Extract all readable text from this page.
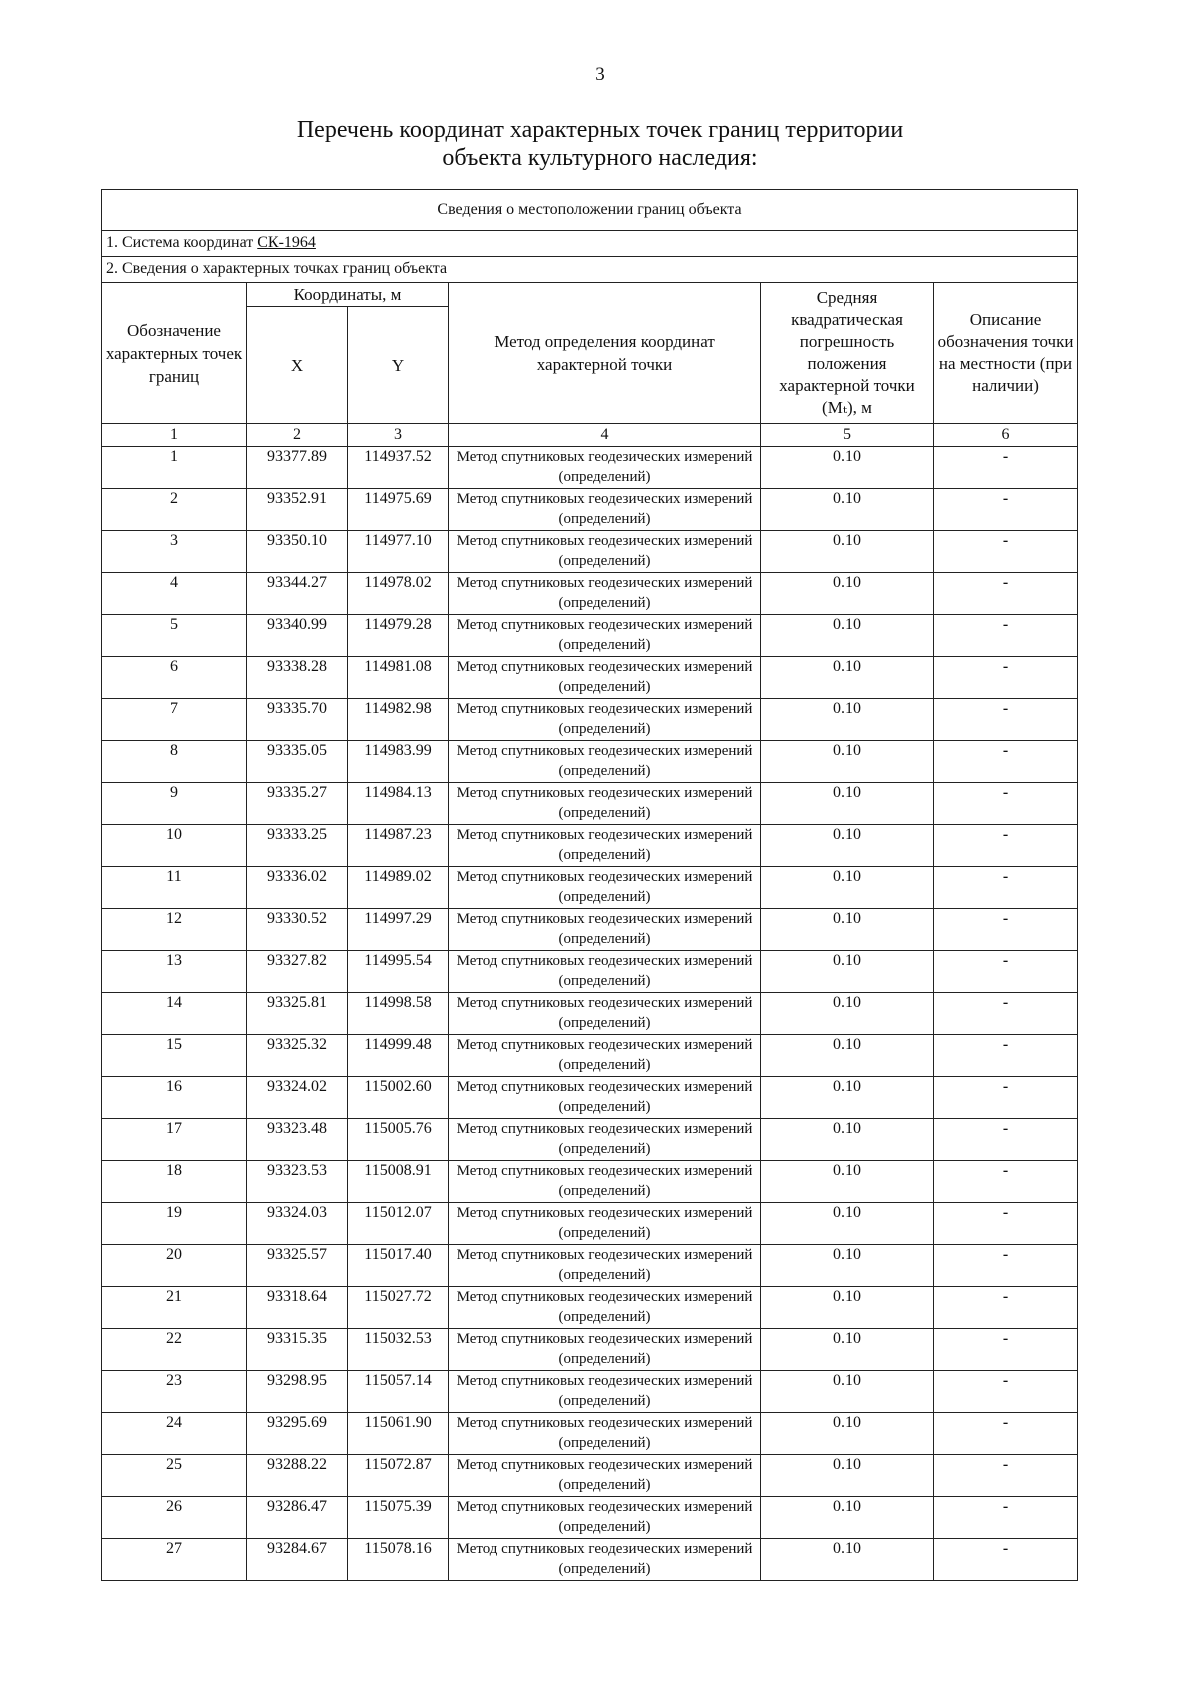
3
Перечень координат характерных точек границ территории
объекта культурного наследия:
Сведения о местоположении границ объекта					
1. Система координат СК-1964					
2. Сведения о характерных точках границ объекта					
Обозначение характерных точек границ	Координаты, м		Метод определения координат характерной точки	Средняя квадратическая погрешность положения характерной точки (Mₜ), м	Описание обозначения точки на местности (при наличии)
	X	Y			
1	2	3	4	5	6
1	93377.89	114937.52	Метод спутниковых геодезических измерений (определений)	0.10	-
2	93352.91	114975.69	Метод спутниковых геодезических измерений (определений)	0.10	-
3	93350.10	114977.10	Метод спутниковых геодезических измерений (определений)	0.10	-
4	93344.27	114978.02	Метод спутниковых геодезических измерений (определений)	0.10	-
5	93340.99	114979.28	Метод спутниковых геодезических измерений (определений)	0.10	-
6	93338.28	114981.08	Метод спутниковых геодезических измерений (определений)	0.10	-
7	93335.70	114982.98	Метод спутниковых геодезических измерений (определений)	0.10	-
8	93335.05	114983.99	Метод спутниковых геодезических измерений (определений)	0.10	-
9	93335.27	114984.13	Метод спутниковых геодезических измерений (определений)	0.10	-
10	93333.25	114987.23	Метод спутниковых геодезических измерений (определений)	0.10	-
11	93336.02	114989.02	Метод спутниковых геодезических измерений (определений)	0.10	-
12	93330.52	114997.29	Метод спутниковых геодезических измерений (определений)	0.10	-
13	93327.82	114995.54	Метод спутниковых геодезических измерений (определений)	0.10	-
14	93325.81	114998.58	Метод спутниковых геодезических измерений (определений)	0.10	-
15	93325.32	114999.48	Метод спутниковых геодезических измерений (определений)	0.10	-
16	93324.02	115002.60	Метод спутниковых геодезических измерений (определений)	0.10	-
17	93323.48	115005.76	Метод спутниковых геодезических измерений (определений)	0.10	-
18	93323.53	115008.91	Метод спутниковых геодезических измерений (определений)	0.10	-
19	93324.03	115012.07	Метод спутниковых геодезических измерений (определений)	0.10	-
20	93325.57	115017.40	Метод спутниковых геодезических измерений (определений)	0.10	-
21	93318.64	115027.72	Метод спутниковых геодезических измерений (определений)	0.10	-
22	93315.35	115032.53	Метод спутниковых геодезических измерений (определений)	0.10	-
23	93298.95	115057.14	Метод спутниковых геодезических измерений (определений)	0.10	-
24	93295.69	115061.90	Метод спутниковых геодезических измерений (определений)	0.10	-
25	93288.22	115072.87	Метод спутниковых геодезических измерений (определений)	0.10	-
26	93286.47	115075.39	Метод спутниковых геодезических измерений (определений)	0.10	-
27	93284.67	115078.16	Метод спутниковых геодезических измерений (определений)	0.10	-
